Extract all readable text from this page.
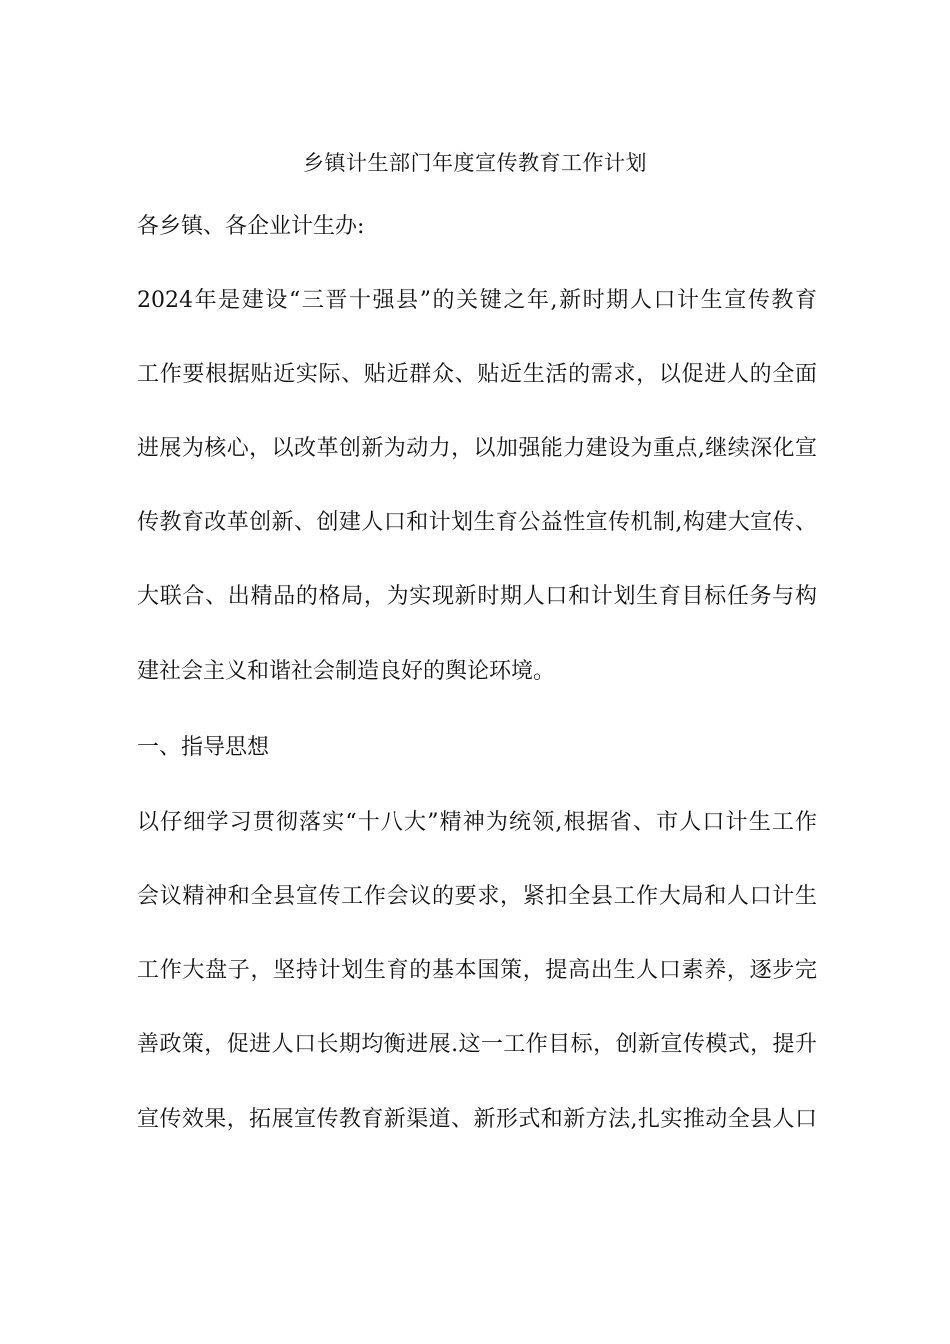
乡镇计生部门年度宣传教育工作计划

各乡镇、各企业计生办:

2024年是建设“三晋十强县”的关键之年,新时期人口计生宣传教育

工作要根据贴近实际、贴近群众、贴近生活的需求，以促进人的全面

进展为核心，以改革创新为动力，以加强能力建设为重点,继续深化宣

传教育改革创新、创建人口和计划生育公益性宣传机制,构建大宣传、

大联合、出精品的格局，为实现新时期人口和计划生育目标任务与构

建社会主义和谐社会制造良好的舆论环境。

一、指导思想

以仔细学习贯彻落实“十八大”精神为统领,根据省、市人口计生工作

会议精神和全县宣传工作会议的要求，紧扣全县工作大局和人口计生

工作大盘子，坚持计划生育的基本国策，提高出生人口素养，逐步完

善政策，促进人口长期均衡进展.这一工作目标，创新宣传模式，提升

宣传效果，拓展宣传教育新渠道、新形式和新方法,扎实推动全县人口
